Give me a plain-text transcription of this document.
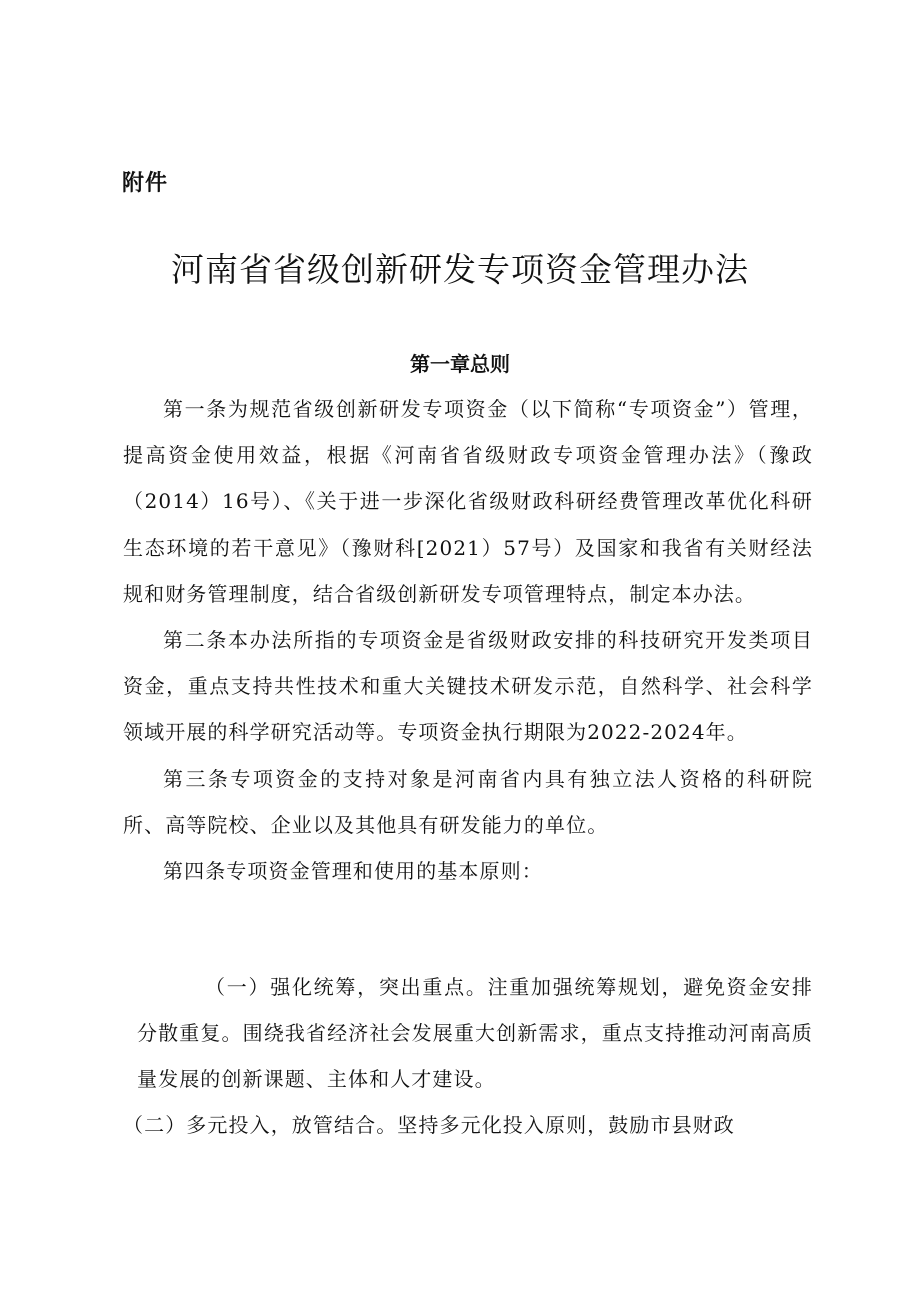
附件
河南省省级创新研发专项资金管理办法
第一章总则

第一条为规范省级创新研发专项资金（以下简称“专项资金”）管理，提高资金使用效益，根据《河南省省级财政专项资金管理办法》（豫政（2014）16号）、《关于进一步深化省级财政科研经费管理改革优化科研生态环境的若干意见》（豫财科[2021）57号）及国家和我省有关财经法规和财务管理制度，结合省级创新研发专项管理特点，制定本办法。

第二条本办法所指的专项资金是省级财政安排的科技研究开发类项目资金，重点支持共性技术和重大关键技术研发示范，自然科学、社会科学领域开展的科学研究活动等。专项资金执行期限为2022-2024年。

第三条专项资金的支持对象是河南省内具有独立法人资格的科研院所、高等院校、企业以及其他具有研发能力的单位。

第四条专项资金管理和使用的基本原则：

（一）强化统筹，突出重点。注重加强统筹规划，避免资金安排分散重复。围绕我省经济社会发展重大创新需求，重点支持推动河南高质量发展的创新课题、主体和人才建设。

（二）多元投入，放管结合。坚持多元化投入原则，鼓励市县财政
